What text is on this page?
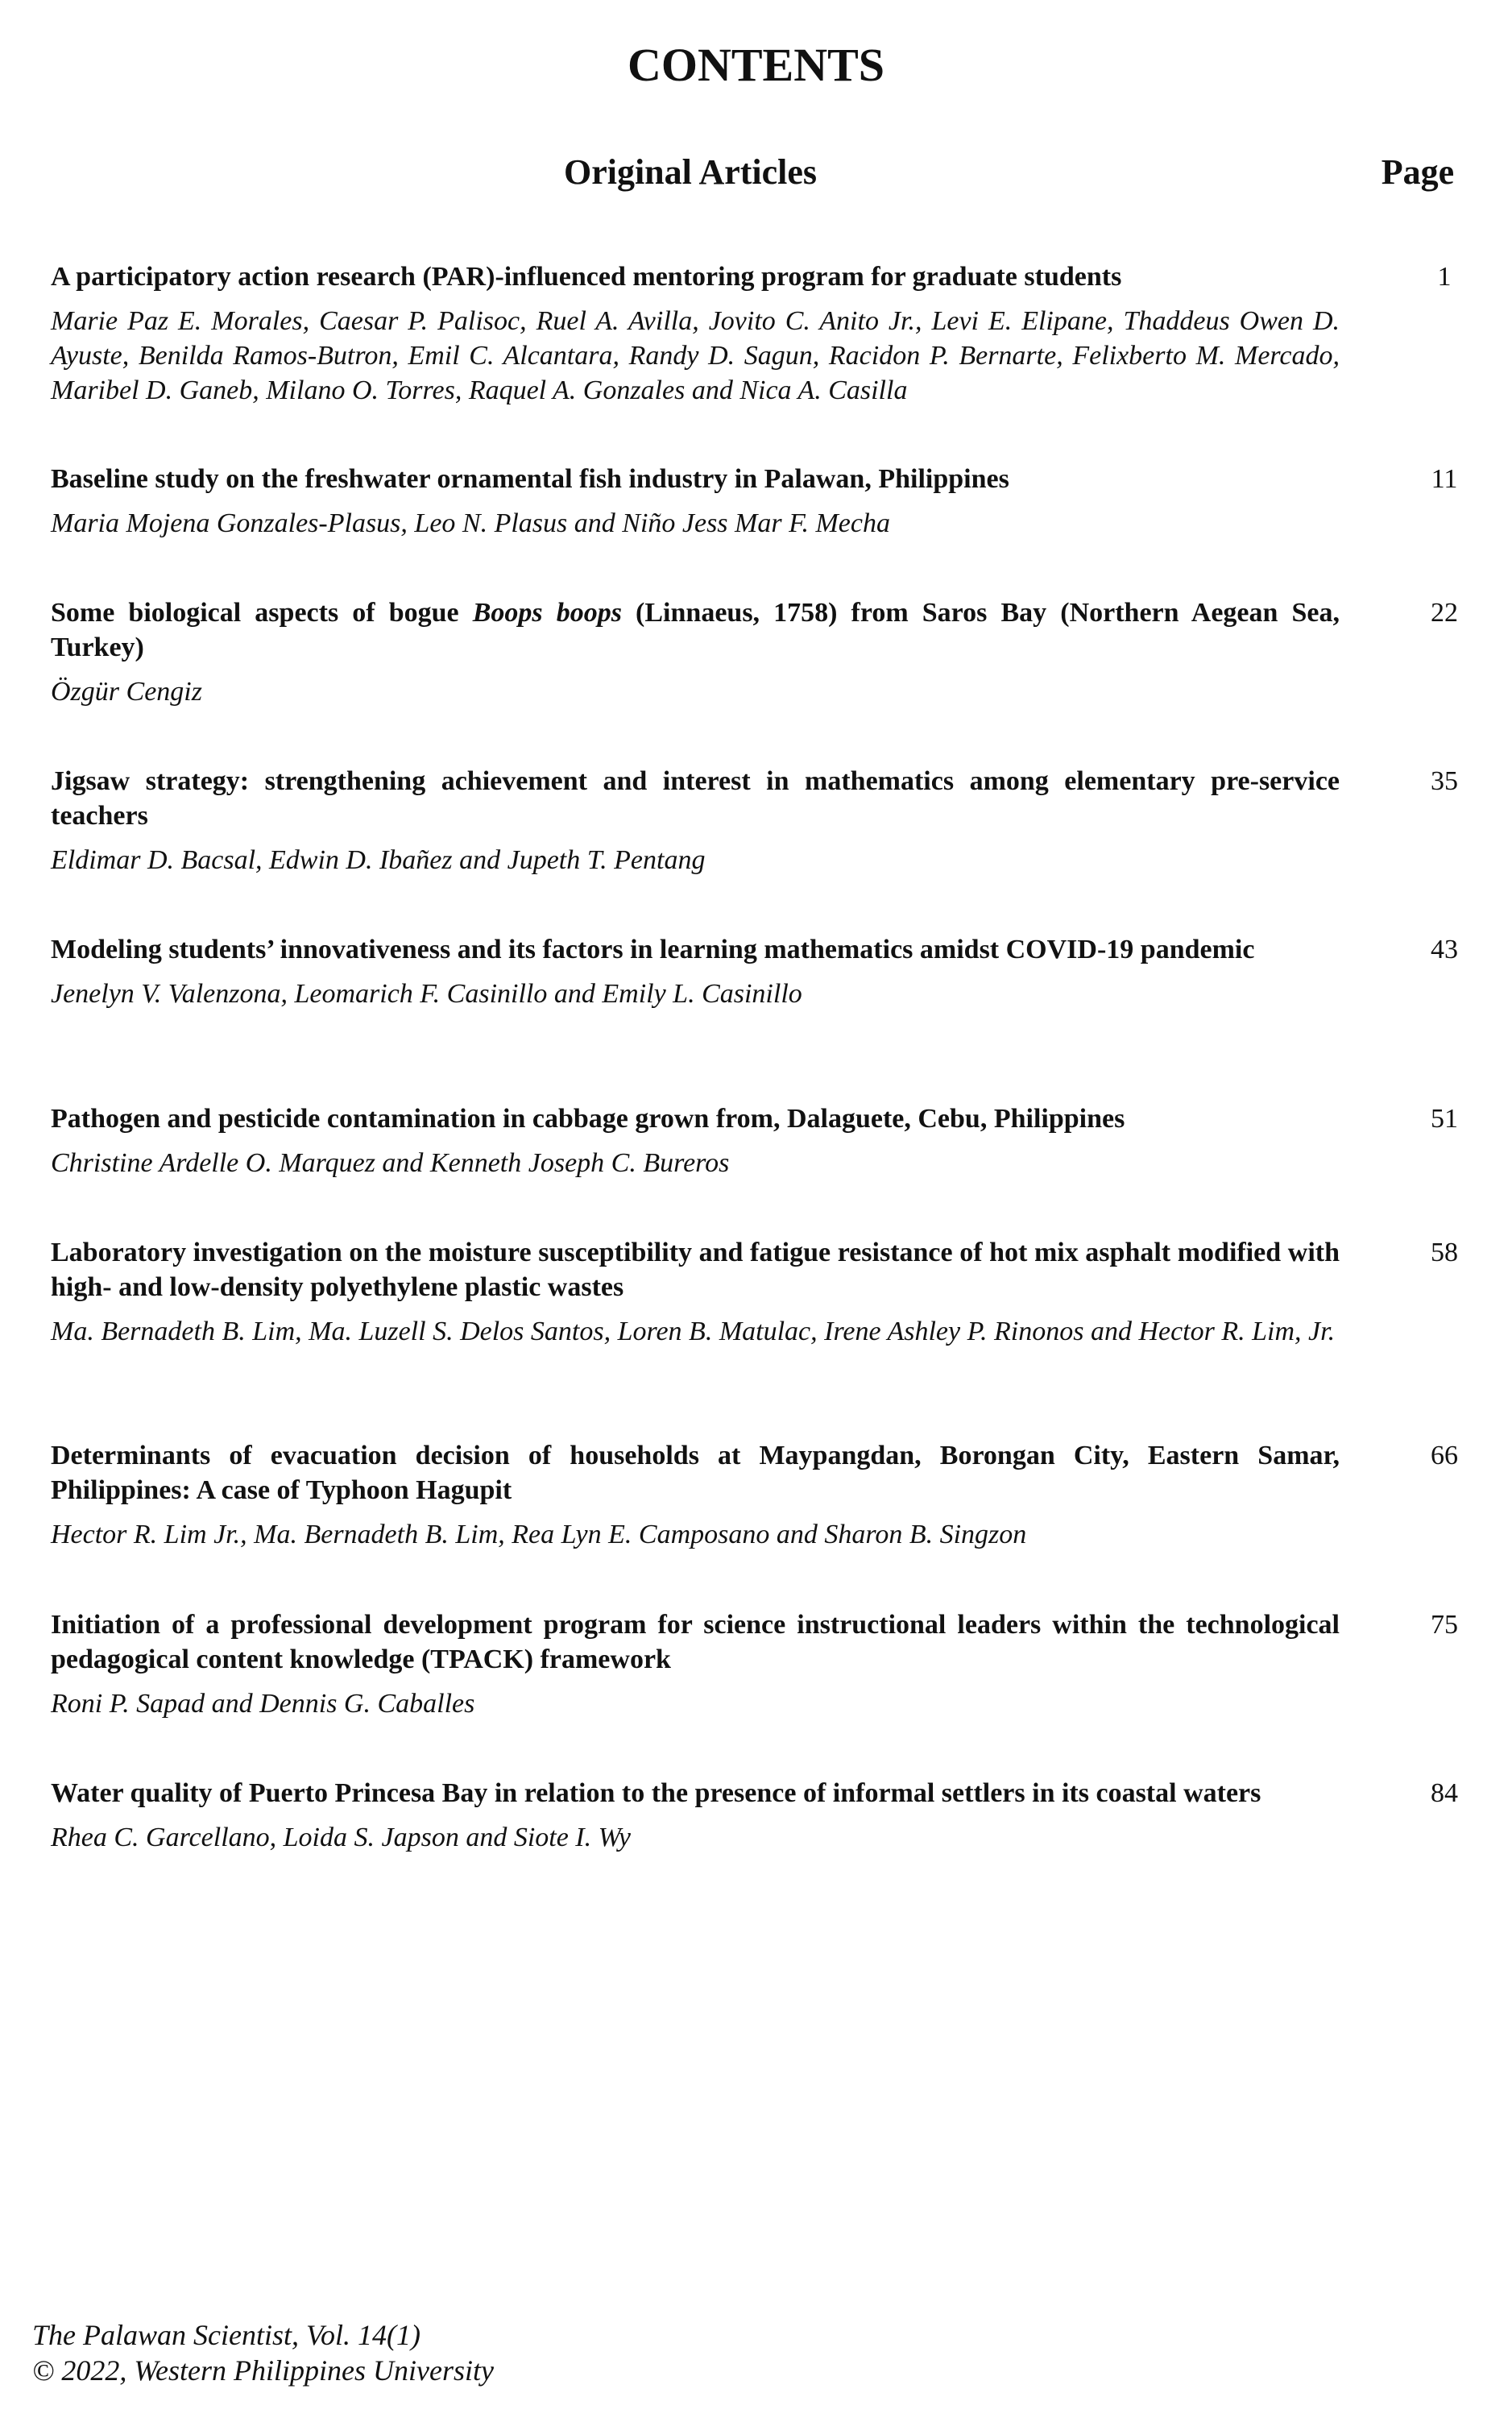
CONTENTS
Original Articles	Page

A participatory action research (PAR)-influenced mentoring program for graduate students

Marie Paz E. Morales, Caesar P. Palisoc, Ruel A. Avilla, Jovito C. Anito Jr., Levi E. Elipane, Thaddeus Owen D. Ayuste, Benilda Ramos-Butron, Emil C. Alcantara, Randy D. Sagun, Racidon P. Bernarte, Felixberto M. Mercado, Maribel D. Ganeb, Milano O. Torres, Raquel A. Gonzales and Nica A. Casilla

1

Baseline study on the freshwater ornamental fish industry in Palawan, Philippines

Maria Mojena Gonzales-Plasus, Leo N. Plasus and Niño Jess Mar F. Mecha

11

Some biological aspects of bogue Boops boops (Linnaeus, 1758) from Saros Bay (Northern Aegean Sea, Turkey)

Özgür Cengiz

22

Jigsaw strategy: strengthening achievement and interest in mathematics among elementary pre-service teachers

Eldimar D. Bacsal, Edwin D. Ibañez and Jupeth T. Pentang

35

Modeling students’ innovativeness and its factors in learning mathematics amidst COVID-19 pandemic

Jenelyn V. Valenzona, Leomarich F. Casinillo and Emily L. Casinillo

43

Pathogen and pesticide contamination in cabbage grown from, Dalaguete, Cebu, Philippines

Christine Ardelle O. Marquez and Kenneth Joseph C. Bureros

51

Laboratory investigation on the moisture susceptibility and fatigue resistance of hot mix asphalt modified with high- and low-density polyethylene plastic wastes

Ma. Bernadeth B. Lim, Ma. Luzell S. Delos Santos, Loren B. Matulac, Irene Ashley P. Rinonos and Hector R. Lim, Jr.

58

Determinants of evacuation decision of households at Maypangdan, Borongan City, Eastern Samar, Philippines: A case of Typhoon Hagupit

Hector R. Lim Jr., Ma. Bernadeth B. Lim, Rea Lyn E. Camposano and Sharon B. Singzon

66

Initiation of a professional development program for science instructional leaders within the technological pedagogical content knowledge (TPACK) framework

Roni P. Sapad and Dennis G. Caballes

75

Water quality of Puerto Princesa Bay in relation to the presence of informal settlers in its coastal waters

Rhea C. Garcellano, Loida S. Japson and Siote I. Wy

84
The Palawan Scientist, Vol. 14(1)
© 2022, Western Philippines University
